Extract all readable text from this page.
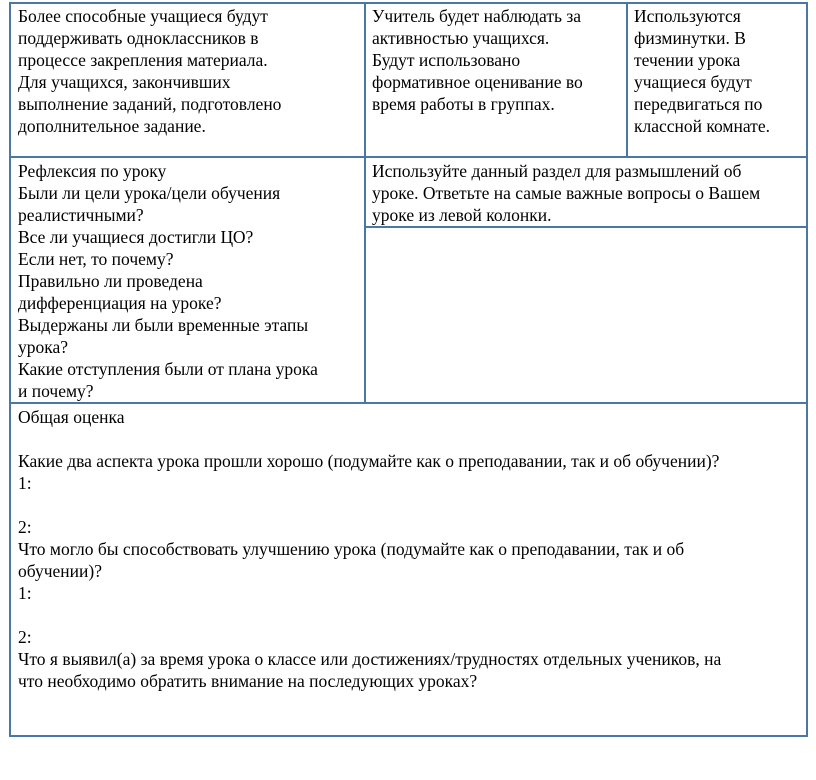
Более способные учащиеся будут
поддерживать одноклассников в
процессе закрепления материала.
Для учащихся, закончивших
выполнение заданий, подготовлено
дополнительное задание.
Учитель будет наблюдать за
активностью учащихся.
Будут использовано
формативное оценивание во
время работы в группах.
Используются
физминутки. В
течении урока
учащиеся будут
передвигаться по
классной комнате.
Рефлексия по уроку
Были ли цели урока/цели обучения
реалистичными?
Все ли учащиеся достигли ЦО?
Если нет, то почему?
Правильно ли проведена
дифференциация на уроке?
Выдержаны ли были временные этапы
урока?
Какие отступления были от плана урока
и почему?
Используйте данный раздел для размышлений об
уроке. Ответьте на самые важные вопросы о Вашем
уроке из левой колонки.
Общая оценка

Какие два аспекта урока прошли хорошо (подумайте как о преподавании, так и об обучении)?
1:

2:
Что могло бы способствовать улучшению урока (подумайте как о преподавании, так и об
обучении)?
1:

2:
Что я выявил(а) за время урока о классе или достижениях/трудностях отдельных учеников, на
что необходимо обратить внимание на последующих уроках?
